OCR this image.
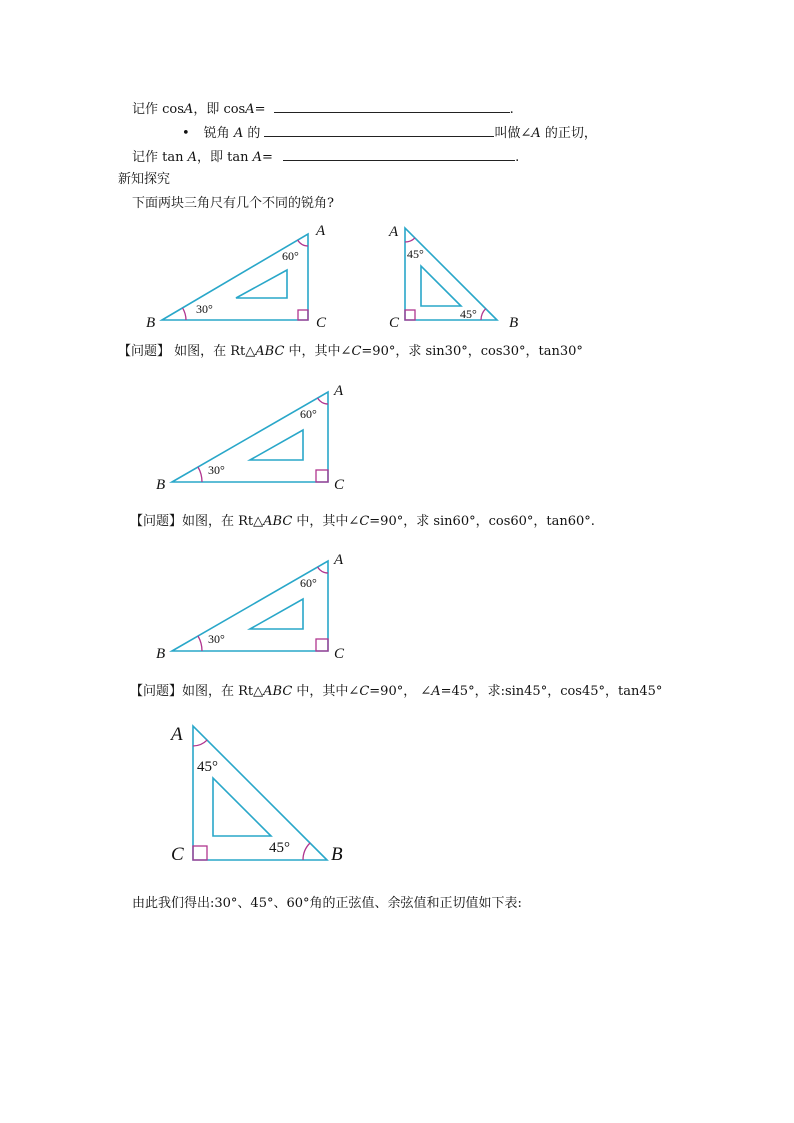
记作 cosA，即 cosA=	.
• 锐角 A 的	叫做∠A 的正切，
记作 tan A，即 tan A=	.
新知探究
下面两块三角尺有几个不同的锐角?
A
B	C
60°
30°
A
C	B
45°
45°
【问题】 如图，在 Rt△ABC 中，其中∠C=90°，求 sin30°，cos30°，tan30°
A
B	C
60°
30°
【问题】如图，在 Rt△ABC 中，其中∠C=90°，求 sin60°，cos60°，tan60°.
A
B	C
60°
30°
【问题】如图，在 Rt△ABC 中，其中∠C=90°， ∠A=45°，求:sin45°，cos45°，tan45°
A
C	B
45°
45°
由此我们得出:30°、45°、60°角的正弦值、余弦值和正切值如下表:
